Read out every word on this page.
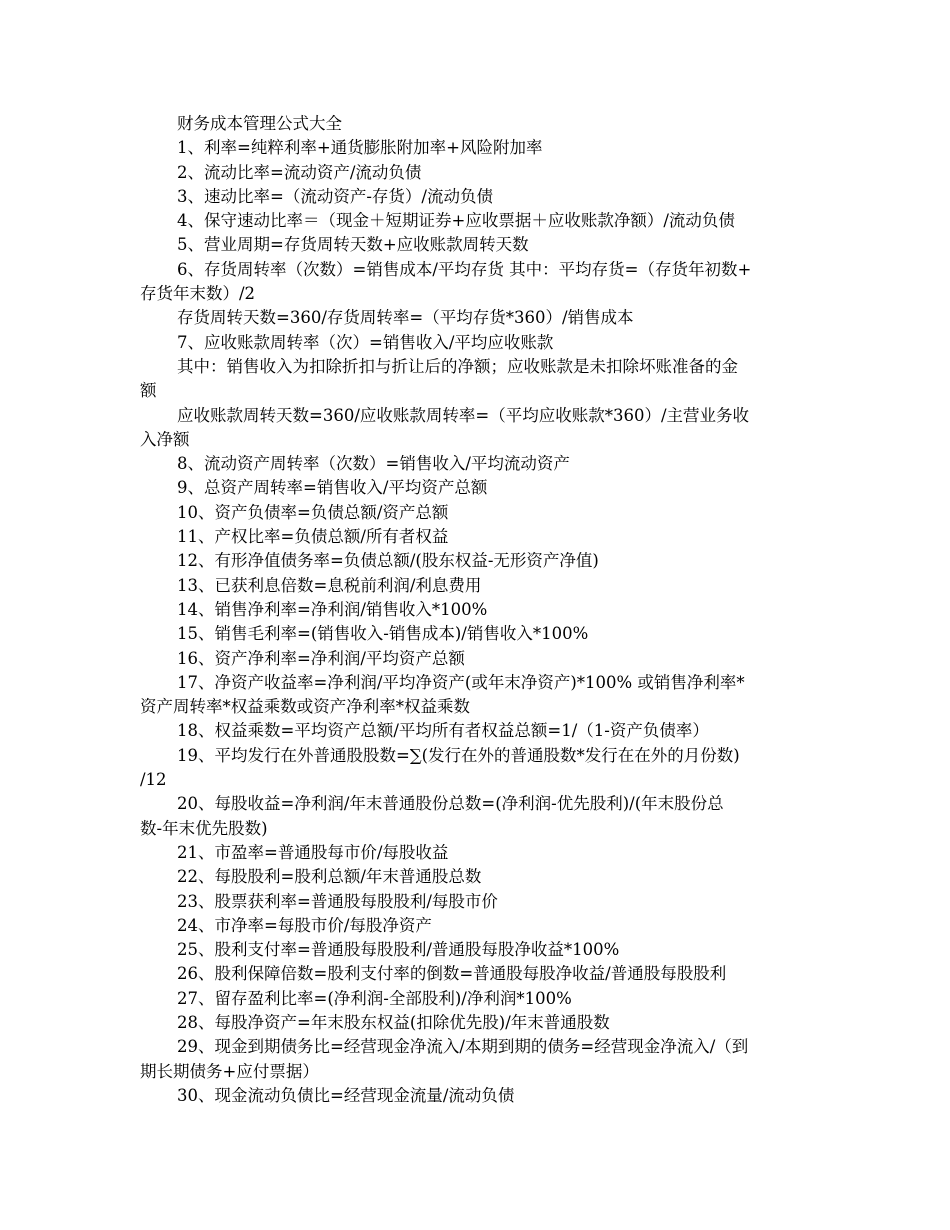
财务成本管理公式大全
1、利率=纯粹利率+通货膨胀附加率+风险附加率
2、流动比率=流动资产/流动负债
3、速动比率=（流动资产-存货）/流动负债
4、保守速动比率＝（现金＋短期证券+应收票据＋应收账款净额）/流动负债
5、营业周期=存货周转天数+应收账款周转天数
6、存货周转率（次数）=销售成本/平均存货 其中：平均存货=（存货年初数+
存货年末数）/2
存货周转天数=360/存货周转率=（平均存货*360）/销售成本
7、应收账款周转率（次）=销售收入/平均应收账款
其中：销售收入为扣除折扣与折让后的净额；应收账款是未扣除坏账准备的金
额
应收账款周转天数=360/应收账款周转率=（平均应收账款*360）/主营业务收
入净额
8、流动资产周转率（次数）=销售收入/平均流动资产
9、总资产周转率=销售收入/平均资产总额
10、资产负债率=负债总额/资产总额
11、产权比率=负债总额/所有者权益
12、有形净值债务率=负债总额/(股东权益-无形资产净值)
13、已获利息倍数=息税前利润/利息费用
14、销售净利率=净利润/销售收入*100%
15、销售毛利率=(销售收入-销售成本)/销售收入*100%
16、资产净利率=净利润/平均资产总额
17、净资产收益率=净利润/平均净资产(或年末净资产)*100% 或销售净利率*
资产周转率*权益乘数或资产净利率*权益乘数
18、权益乘数=平均资产总额/平均所有者权益总额=1/（1-资产负债率）
19、平均发行在外普通股股数=∑(发行在外的普通股数*发行在在外的月份数)
/12
20、每股收益=净利润/年末普通股份总数=(净利润-优先股利)/(年末股份总
数-年末优先股数)
21、市盈率=普通股每市价/每股收益
22、每股股利=股利总额/年末普通股总数
23、股票获利率=普通股每股股利/每股市价
24、市净率=每股市价/每股净资产
25、股利支付率=普通股每股股利/普通股每股净收益*100%
26、股利保障倍数=股利支付率的倒数=普通股每股净收益/普通股每股股利
27、留存盈利比率=(净利润-全部股利)/净利润*100%
28、每股净资产=年末股东权益(扣除优先股)/年末普通股数
29、现金到期债务比=经营现金净流入/本期到期的债务=经营现金净流入/（到
期长期债务+应付票据）
30、现金流动负债比=经营现金流量/流动负债
